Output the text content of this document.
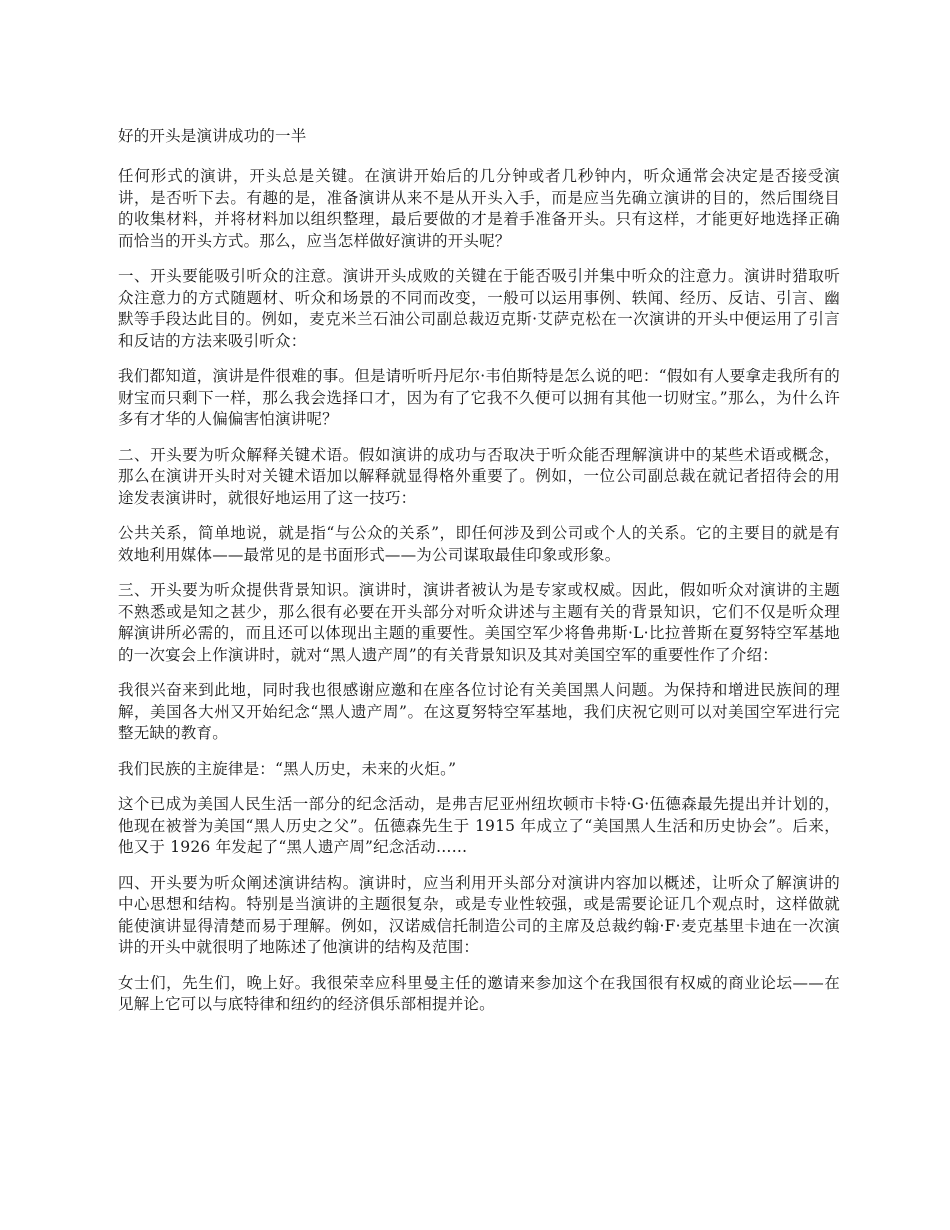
好的开头是演讲成功的一半

任何形式的演讲，开头总是关键。在演讲开始后的几分钟或者几秒钟内，听众通常会决定是否接受演讲，是否听下去。有趣的是，准备演讲从来不是从开头入手，而是应当先确立演讲的目的，然后围绕目的收集材料，并将材料加以组织整理，最后要做的才是着手准备开头。只有这样，才能更好地选择正确而恰当的开头方式。那么，应当怎样做好演讲的开头呢？

一、开头要能吸引听众的注意。演讲开头成败的关键在于能否吸引并集中听众的注意力。演讲时猎取听众注意力的方式随题材、听众和场景的不同而改变，一般可以运用事例、轶闻、经历、反诘、引言、幽默等手段达此目的。例如，麦克米兰石油公司副总裁迈克斯·艾萨克松在一次演讲的开头中便运用了引言和反诘的方法来吸引听众：

我们都知道，演讲是件很难的事。但是请听听丹尼尔·韦伯斯特是怎么说的吧：“假如有人要拿走我所有的财宝而只剩下一样，那么我会选择口才，因为有了它我不久便可以拥有其他一切财宝。”那么，为什么许多有才华的人偏偏害怕演讲呢？

二、开头要为听众解释关键术语。假如演讲的成功与否取决于听众能否理解演讲中的某些术语或概念，那么在演讲开头时对关键术语加以解释就显得格外重要了。例如，一位公司副总裁在就记者招待会的用途发表演讲时，就很好地运用了这一技巧：

公共关系，简单地说，就是指“与公众的关系”，即任何涉及到公司或个人的关系。它的主要目的就是有效地利用媒体——最常见的是书面形式——为公司谋取最佳印象或形象。

三、开头要为听众提供背景知识。演讲时，演讲者被认为是专家或权威。因此，假如听众对演讲的主题不熟悉或是知之甚少，那么很有必要在开头部分对听众讲述与主题有关的背景知识，它们不仅是听众理解演讲所必需的，而且还可以体现出主题的重要性。美国空军少将鲁弗斯·L·比拉普斯在夏努特空军基地的一次宴会上作演讲时，就对“黑人遗产周”的有关背景知识及其对美国空军的重要性作了介绍：

我很兴奋来到此地，同时我也很感谢应邀和在座各位讨论有关美国黑人问题。为保持和增进民族间的理解，美国各大州又开始纪念“黑人遗产周”。在这夏努特空军基地，我们庆祝它则可以对美国空军进行完整无缺的教育。

我们民族的主旋律是：“黑人历史，未来的火炬。”

这个已成为美国人民生活一部分的纪念活动，是弗吉尼亚州纽坎顿市卡特·G·伍德森最先提出并计划的，他现在被誉为美国“黑人历史之父”。伍德森先生于 1915 年成立了“美国黑人生活和历史协会”。后来，他又于 1926 年发起了“黑人遗产周”纪念活动……

四、开头要为听众阐述演讲结构。演讲时，应当利用开头部分对演讲内容加以概述，让听众了解演讲的中心思想和结构。特别是当演讲的主题很复杂，或是专业性较强，或是需要论证几个观点时，这样做就能使演讲显得清楚而易于理解。例如，汉诺威信托制造公司的主席及总裁约翰·F·麦克基里卡迪在一次演讲的开头中就很明了地陈述了他演讲的结构及范围：

女士们，先生们，晚上好。我很荣幸应科里曼主任的邀请来参加这个在我国很有权威的商业论坛——在见解上它可以与底特律和纽约的经济俱乐部相提并论。
